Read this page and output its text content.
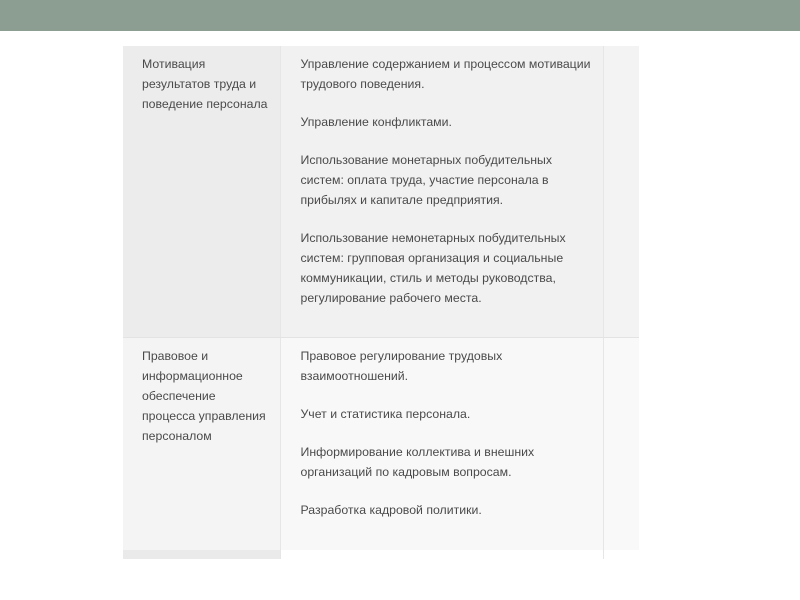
Мотивация результатов труда и поведение персонала	Управление содержанием и процессом мотивации трудового поведения.

Управление конфликтами.

Использование монетарных побудительных систем: оплата труда, участие персонала в прибылях и капитале предприятия.

Использование немонетарных побудительных систем: групповая организация и социальные коммуникации, стиль и методы руководства, регулирование рабочего места.	

Правовое и информационное обеспечение процесса управления персоналом	Правовое регулирование трудовых взаимоотношений.

Учет и статистика персонала.

Информирование коллектива и внешних организаций по кадровым вопросам.

Разработка кадровой политики.	
